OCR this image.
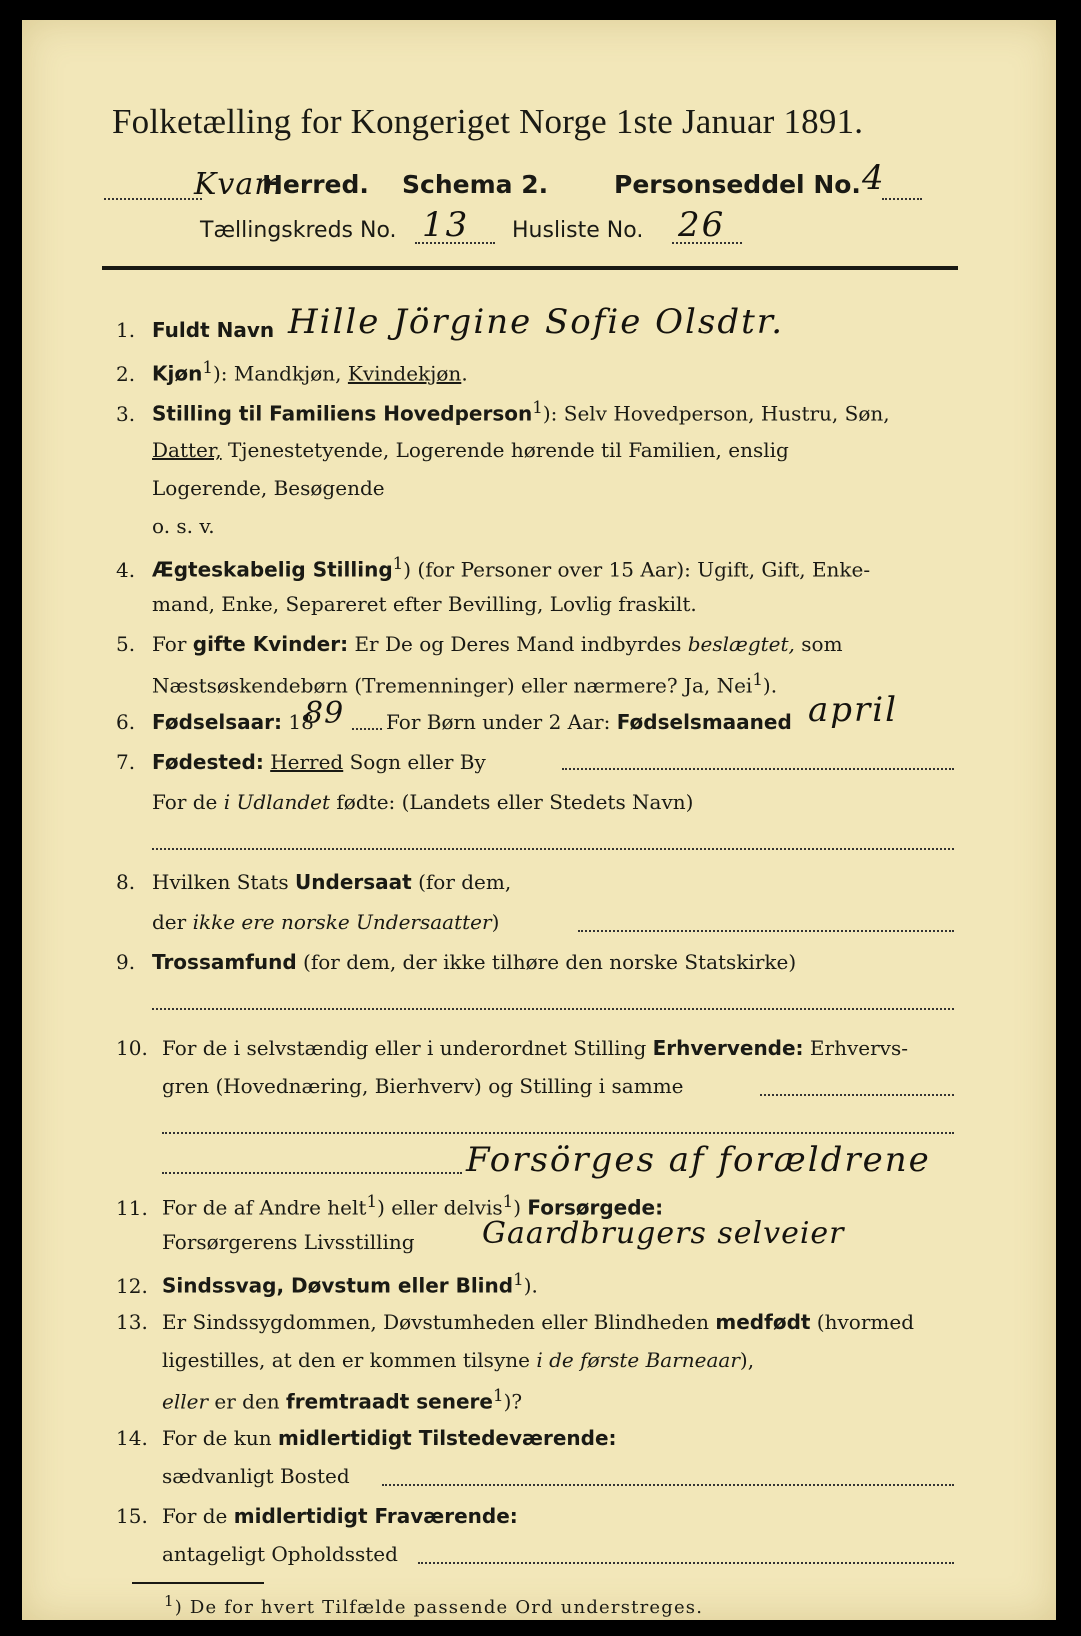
Folketælling for Kongeriget Norge 1ste Januar 1891.
Kvam
Herred. Schema 2.	Personseddel No. 4
Tællingskreds No. 13 Husliste No. 26
1. Fuldt Navn Hille Jörgine Sofie Olsdtr.
2. Kjøn$^1$): Mandkjøn, Kvindekjøn.
3. Stilling til Familiens Hovedperson$^1$): Selv Hovedperson, Hustru, Søn,
Datter, Tjenestetyende, Logerende hørende til Familien, enslig
Logerende, Besøgende
o. s. v.
4. Ægteskabelig Stilling$^1$) (for Personer over 15 Aar): Ugift, Gift, Enke-
mand, Enke, Separeret efter Bevilling, Lovlig fraskilt.
5. For gifte Kvinder: Er De og Deres Mand indbyrdes beslægtet, som
Næstsøskendebørn (Tremenninger) eller nærmere? Ja, Nei$^1$).
6. Fødselsaar: 18
89 For Børn under 2 Aar: Fødselsmaaned april
7. Fødested: Herred Sogn eller By
For de i Udlandet fødte: (Landets eller Stedets Navn)
8. Hvilken Stats Undersaat (for dem,
der ikke ere norske Undersaatter)
9. Trossamfund (for dem, der ikke tilhøre den norske Statskirke)
10. For de i selvstændig eller i underordnet Stilling Erhvervende: Erhvervs-
gren (Hovednæring, Bierhverv) og Stilling i samme
Forsörges af forældrene
11. For de af Andre helt$^1$) eller delvis$^1$) Forsørgede:
Forsørgerens Livsstilling Gaardbrugers selveier
12. Sindssvag, Døvstum eller Blind$^1$).
13. Er Sindssygdommen, Døvstumheden eller Blindheden medfødt (hvormed
ligestilles, at den er kommen tilsyne i de første Barneaar),
eller er den fremtraadt senere$^1$)?
14. For de kun midlertidigt Tilstedeværende:
sædvanligt Bosted
15. For de midlertidigt Fraværende:
antageligt Opholdssted
$^1$) De for hvert Tilfælde passende Ord understreges.
